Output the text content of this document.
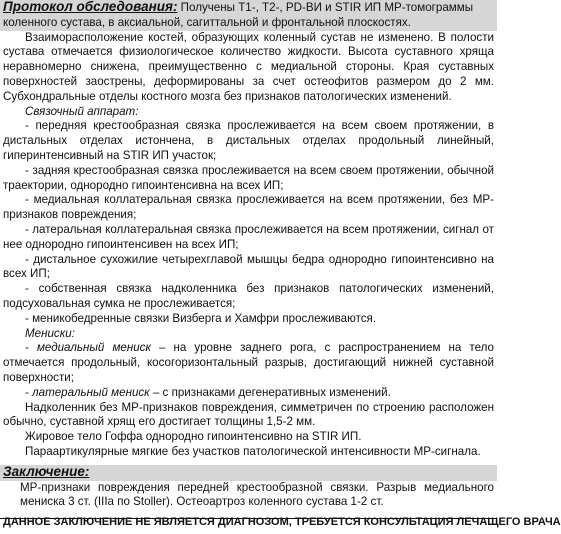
Протокол обследования: Получены Т1-, Т2-, PD-ВИ и STIR ИП МР-томограммы коленного сустава, в аксиальной, сагиттальной и фронтальной плоскостях.
Взаиморасположение костей, образующих коленный сустав не изменено. В полости сустава отмечается физиологическое количество жидкости. Высота суставного хряща неравномерно снижена, преимущественно с медиальной стороны. Края суставных поверхностей заострены, деформированы за счет остеофитов размером до 2 мм. Субхондральные отделы костного мозга без признаков патологических изменений.
Связочный аппарат:
- передняя крестообразная связка прослеживается на всем своем протяжении, в дистальных отделах истончена, в дистальных отделах продольный линейный, гиперинтенсивный на STIR ИП участок;
- задняя крестообразная связка прослеживается на всем своем протяжении, обычной траектории, однородно гипоинтенсивна на всех ИП;
- медиальная коллатеральная связка прослеживается на всем протяжении, без МР-признаков повреждения;
- латеральная коллатеральная связка прослеживается на всем протяжении, сигнал от нее однородно гипоинтенсивен на всех ИП;
- дистальное сухожилие четырехглавой мышцы бедра однородно гипоинтенсивно на всех ИП;
- собственная связка надколенника без признаков патологических изменений, подсуховальная сумка не прослеживается;
- меникобедренные связки Визберга и Хамфри прослеживаются.
Мениски:
- медиальный мениск – на уровне заднего рога, с распространением на тело отмечается продольный, косогоризонтальный разрыв, достигающий нижней суставной поверхности;
- латеральный мениск – с признаками дегенеративных изменений.
Надколенник без МР-признаков повреждения, симметричен по строению расположен обычно, суставной хрящ его достигает толщины 1,5-2 мм.
Жировое тело Гоффа однородно гипоинтенсивно на STIR ИП.
Параартикулярные мягкие без участков патологической интенсивности МР-сигнала.
Заключение:
МР-признаки повреждения передней крестообразной связки. Разрыв медиального мениска 3 ст. (IIIa по Stoller). Остеоартроз коленного сустава 1-2 ст.
ДАННОЕ ЗАКЛЮЧЕНИЕ НЕ ЯВЛЯЕТСЯ ДИАГНОЗОМ, ТРЕБУЕТСЯ КОНСУЛЬТАЦИЯ ЛЕЧАЩЕГО ВРАЧА
